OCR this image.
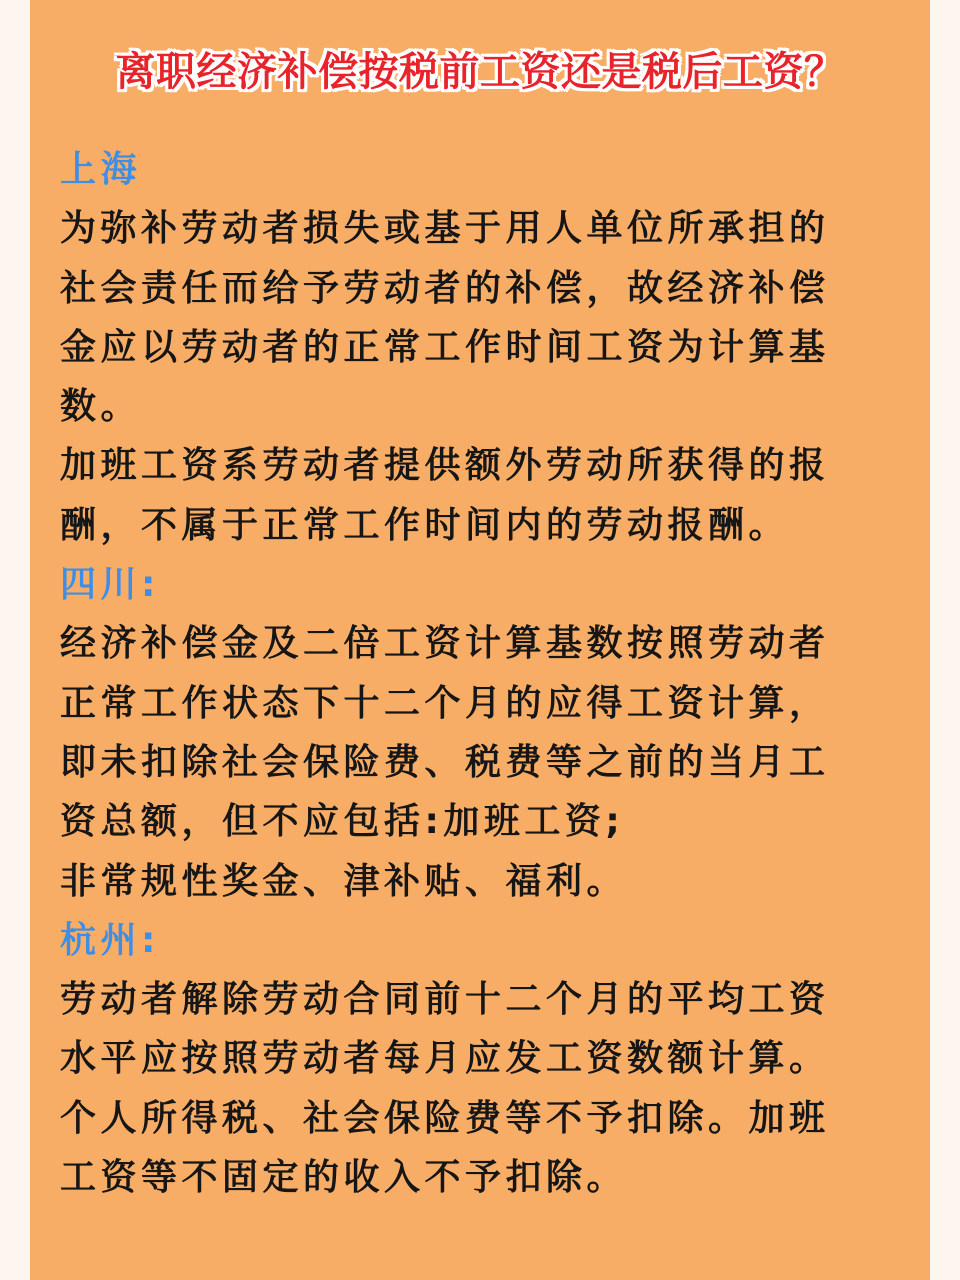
离职经济补偿按税前工资还是税后工资？
上海
为弥补劳动者损失或基于用人单位所承担的
社会责任而给予劳动者的补偿，故经济补偿
金应以劳动者的正常工作时间工资为计算基
数。
加班工资系劳动者提供额外劳动所获得的报
酬，不属于正常工作时间内的劳动报酬。
四川:
经济补偿金及二倍工资计算基数按照劳动者
正常工作状态下十二个月的应得工资计算，
即未扣除社会保险费、税费等之前的当月工
资总额，但不应包括:加班工资;
非常规性奖金、津补贴、福利。
杭州:
劳动者解除劳动合同前十二个月的平均工资
水平应按照劳动者每月应发工资数额计算。
个人所得税、社会保险费等不予扣除。加班
工资等不固定的收入不予扣除。
